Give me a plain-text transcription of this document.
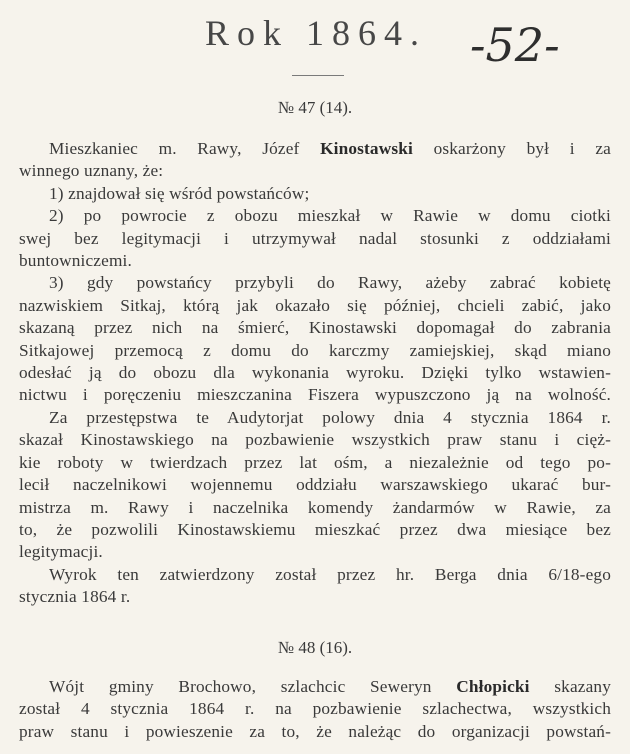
Rok 1864. -52-
№ 47 (14).
Mieszkaniec m. Rawy, Józef Kinostawski oskarżony był i za
winnego uznany, że:
1) znajdował się wśród powstańców;
2) po powrocie z obozu mieszkał w Rawie w domu ciotki
swej bez legitymacji i utrzymywał nadal stosunki z oddziałami
buntowniczemi.
3) gdy powstańcy przybyli do Rawy, ażeby zabrać kobietę
nazwiskiem Sitkaj, którą jak okazało się później, chcieli zabić, jako
skazaną przez nich na śmierć, Kinostawski dopomagał do zabrania
Sitkajowej przemocą z domu do karczmy zamiejskiej, skąd miano
odesłać ją do obozu dla wykonania wyroku. Dzięki tylko wstawien-
nictwu i poręczeniu mieszczanina Fiszera wypuszczono ją na wolność.
Za przestępstwa te Audytorjat polowy dnia 4 stycznia 1864 r.
skazał Kinostawskiego na pozbawienie wszystkich praw stanu i cięż-
kie roboty w twierdzach przez lat ośm, a niezależnie od tego po-
lecił naczelnikowi wojennemu oddziału warszawskiego ukarać bur-
mistrza m. Rawy i naczelnika komendy żandarmów w Rawie, za
to, że pozwolili Kinostawskiemu mieszkać przez dwa miesiące bez
legitymacji.
Wyrok ten zatwierdzony został przez hr. Berga dnia 6/18-ego
stycznia 1864 r.
№ 48 (16).
Wójt gminy Brochowo, szlachcic Seweryn Chłopicki skazany
został 4 stycznia 1864 r. na pozbawienie szlachectwa, wszystkich
praw stanu i powieszenie za to, że należąc do organizacji powstań-
